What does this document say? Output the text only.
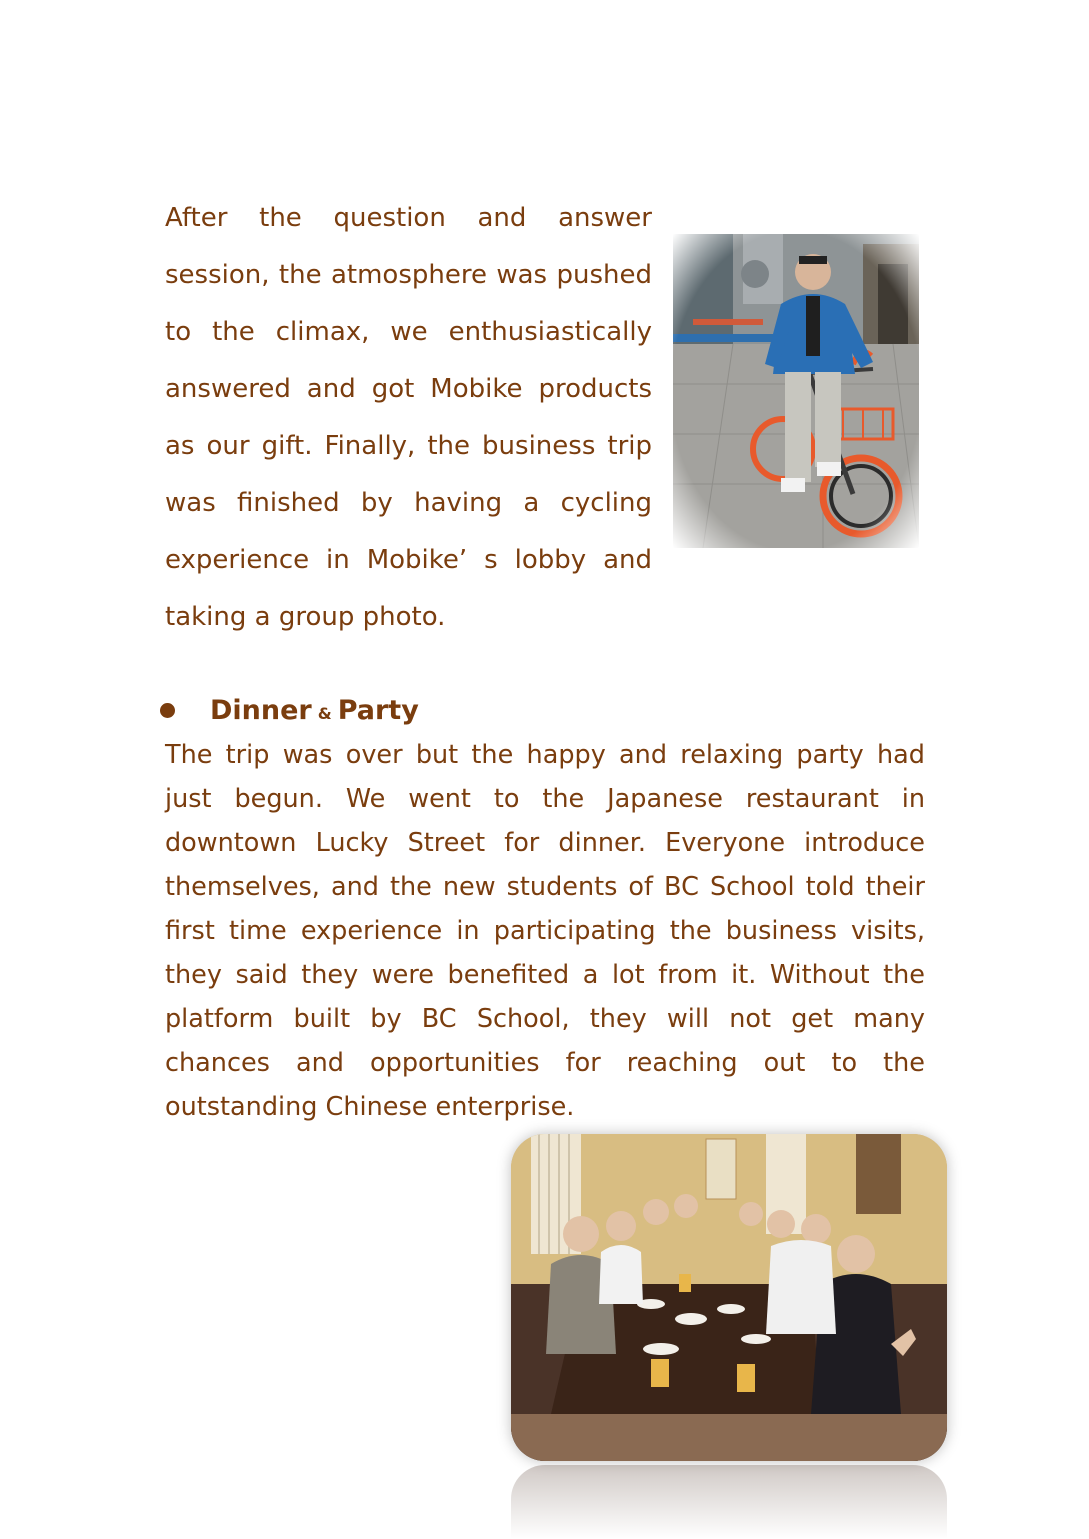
After the question and answer session, the atmosphere was pushed to the climax, we enthusiastically answered and got Mobike products as our gift. Finally, the business trip was finished by having a cycling experience in Mobike’ s lobby and taking a group photo.

Dinner & Party

The trip was over but the happy and relaxing party had just begun. We went to the Japanese restaurant in downtown Lucky Street for dinner. Everyone introduce themselves, and the new students of BC School told their first time experience in participating the business visits, they said they were benefited a lot from it. Without the platform built by BC School, they will not get many chances and opportunities for reaching out to the outstanding Chinese enterprise.
